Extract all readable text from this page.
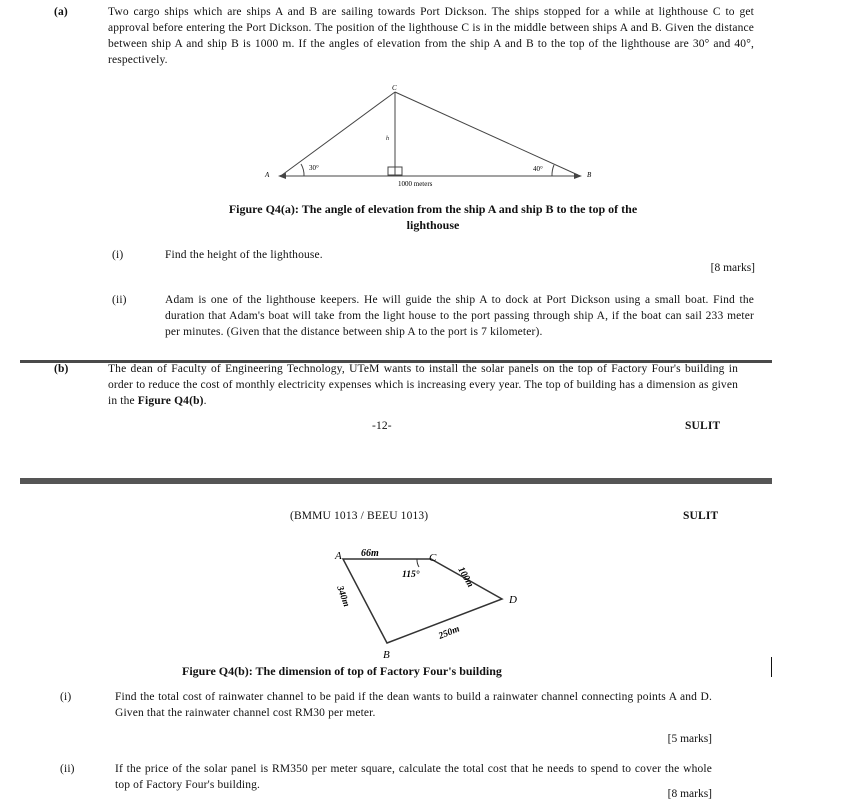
(a)	Two cargo ships which are ships A and B are sailing towards Port Dickson. The ships stopped for a while at lighthouse C to get approval before entering the Port Dickson. The position of the lighthouse C is in the middle between ships A and B. Given the distance between ship A and ship B is 1000 m. If the angles of elevation from the ship A and B to the top of the lighthouse are 30° and 40°, respectively.
A	B
C
h
30°	40°
1000 meters
Figure Q4(a): The angle of elevation from the ship A and ship B to the top of the
lighthouse
(i)	Find the height of the lighthouse.
[8 marks]
(ii)	Adam is one of the lighthouse keepers. He will guide the ship A to dock at Port Dickson using a small boat. Find the duration that Adam's boat will take from the light house to the port passing through ship A, if the boat can sail 233 meter per minutes. (Given that the distance between ship A to the port is 7 kilometer).
(b)	The dean of Faculty of Engineering Technology, UTeM wants to install the solar panels on the top of Factory Four's building in order to reduce the cost of monthly electricity expenses which is increasing every year. The top of building has a dimension as given in the Figure Q4(b).
-12-	SULIT
(BMMU 1013 / BEEU 1013)	SULIT
A	C
D
B
66m
115°	100m
250m
340m
Figure Q4(b): The dimension of top of Factory Four's building
(i)	Find the total cost of rainwater channel to be paid if the dean wants to build a rainwater channel connecting points A and D. Given that the rainwater channel cost RM30 per meter.
[5 marks]
(ii)	If the price of the solar panel is RM350 per meter square, calculate the total cost that he needs to spend to cover the whole top of Factory Four's building.
[8 marks]
